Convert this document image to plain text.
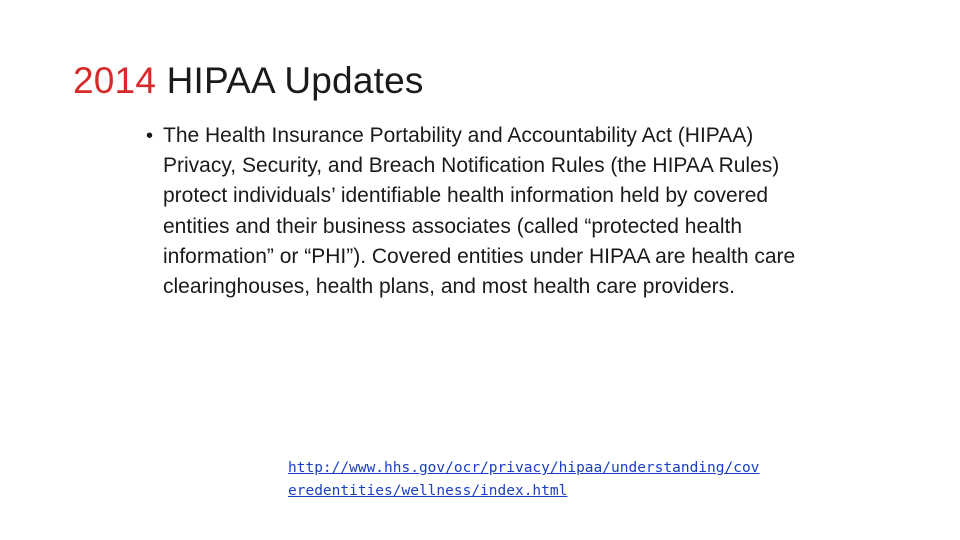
2014 HIPAA Updates
• The Health Insurance Portability and Accountability Act (HIPAA) Privacy, Security, and Breach Notification Rules (the HIPAA Rules) protect individuals’ identifiable health information held by covered entities and their business associates (called “protected health information” or “PHI”). Covered entities under HIPAA are health care clearinghouses, health plans, and most health care providers.
http://www.hhs.gov/ocr/privacy/hipaa/understanding/cov
eredentities/wellness/index.html
